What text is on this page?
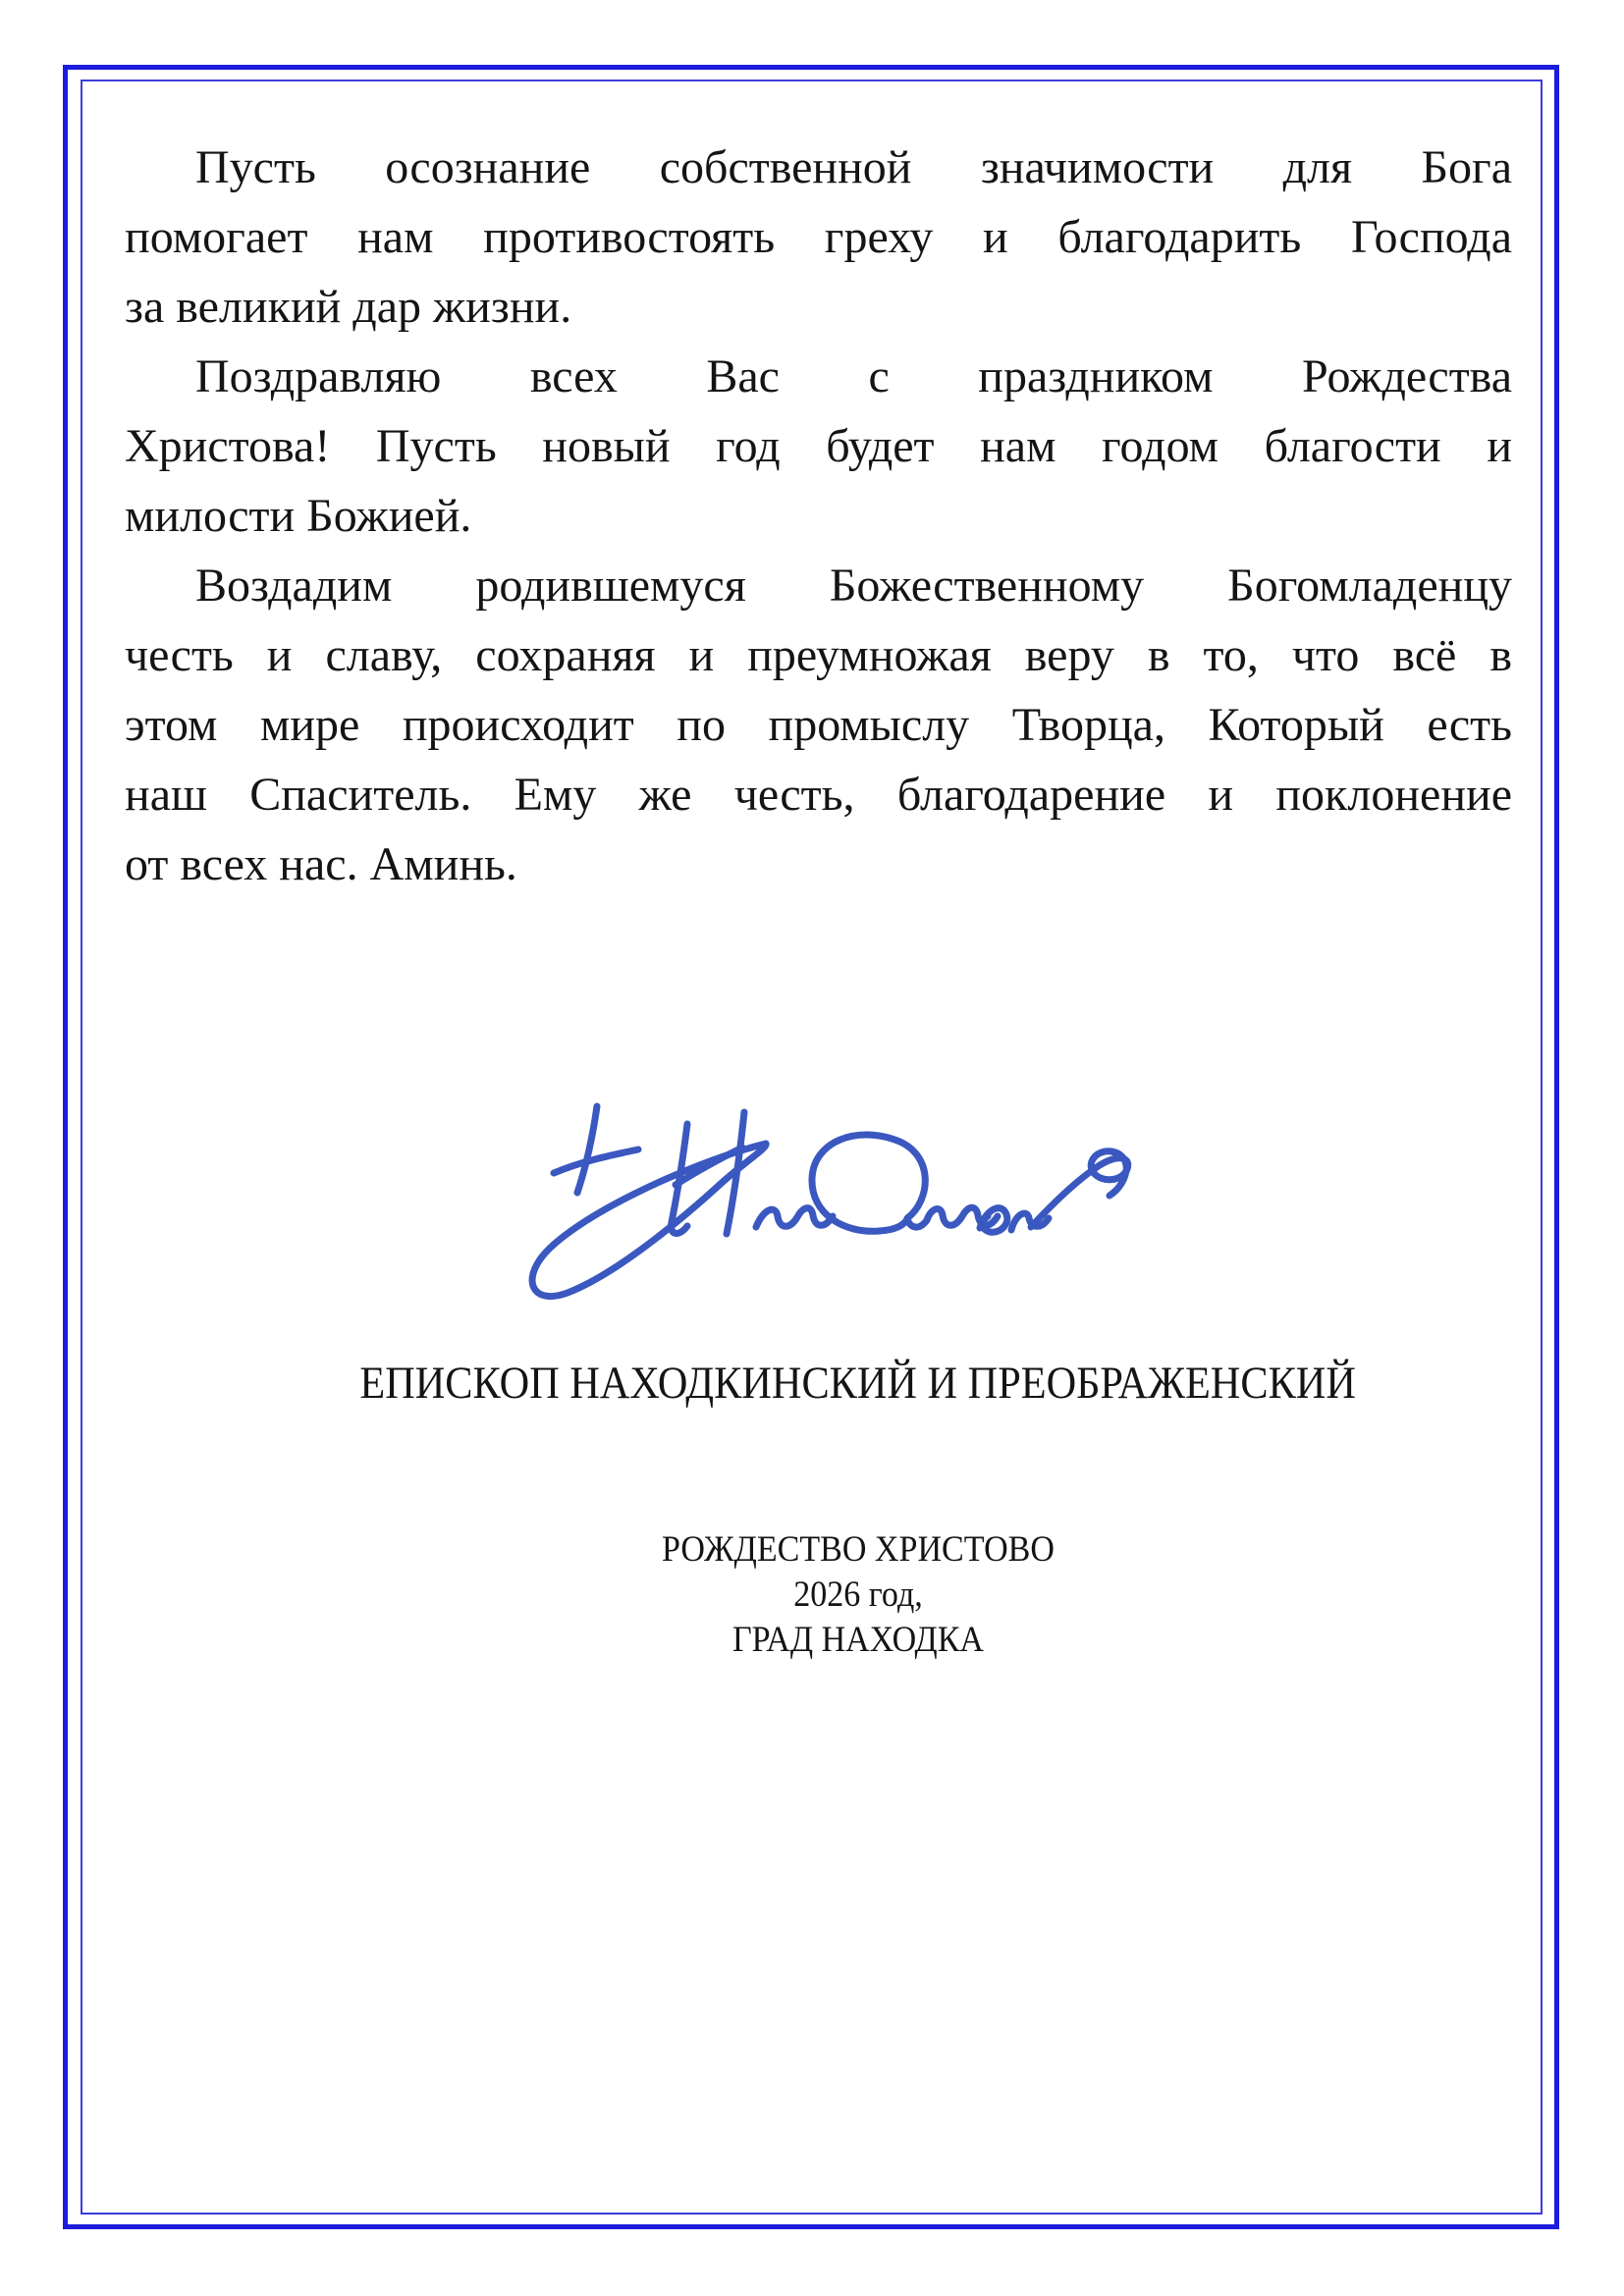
Пусть осознание собственной значимости для Бога
помогает нам противостоять греху и благодарить Господа
за великий дар жизни.
Поздравляю всех Вас с праздником Рождества
Христова! Пусть новый год будет нам годом благости и
милости Божией.
Воздадим родившемуся Божественному Богомладенцу
честь и славу, сохраняя и преумножая веру в то, что всё в
этом мире происходит по промыслу Творца, Который есть
наш Спаситель. Ему же честь, благодарение и поклонение
от всех нас. Аминь.
ЕПИСКОП НАХОДКИНСКИЙ И ПРЕОБРАЖЕНСКИЙ
РОЖДЕСТВО ХРИСТОВО
2026 год,
ГРАД НАХОДКА
